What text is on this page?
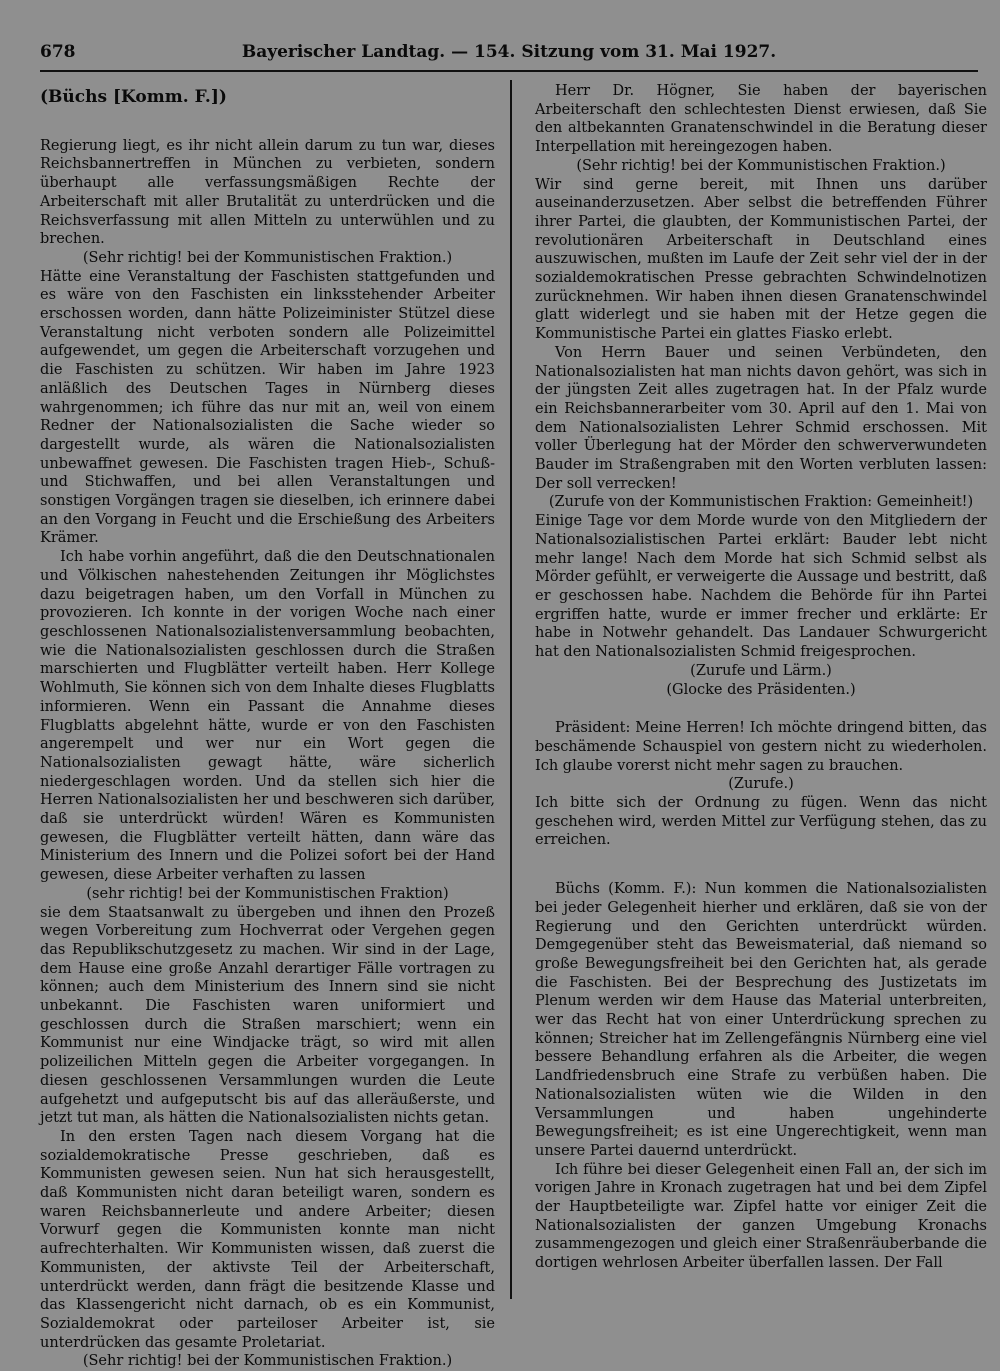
678	Bayerischer Landtag. — 154. Sitzung vom 31. Mai 1927.
(Büchs [Komm. F.])

Regierung liegt, es ihr nicht allein darum zu tun war, dieses Reichsbannertreffen in München zu verbieten, sondern überhaupt alle verfassungsmäßigen Rechte der Arbeiterschaft mit aller Brutalität zu unterdrücken und die Reichsverfassung mit allen Mitteln zu unterwühlen und zu brechen.

(Sehr richtig! bei der Kommunistischen Fraktion.)

Hätte eine Veranstaltung der Faschisten stattgefunden und es wäre von den Faschisten ein linksstehender Arbeiter erschossen worden, dann hätte Polizeiminister Stützel diese Veranstaltung nicht verboten sondern alle Polizeimittel aufgewendet, um gegen die Arbeiterschaft vorzugehen und die Faschisten zu schützen. Wir haben im Jahre 1923 anläßlich des Deutschen Tages in Nürnberg dieses wahrgenommen; ich führe das nur mit an, weil von einem Redner der Nationalsozialisten die Sache wieder so dargestellt wurde, als wären die Nationalsozialisten unbewaffnet gewesen. Die Faschisten tragen Hieb-, Schuß- und Stichwaffen, und bei allen Veranstaltungen und sonstigen Vorgängen tragen sie dieselben, ich erinnere dabei an den Vorgang in Feucht und die Erschießung des Arbeiters Krämer.

Ich habe vorhin angeführt, daß die den Deutschnationalen und Völkischen nahestehenden Zeitungen ihr Möglichstes dazu beigetragen haben, um den Vorfall in München zu provozieren. Ich konnte in der vorigen Woche nach einer geschlossenen Nationalsozialistenversammlung beobachten, wie die Nationalsozialisten geschlossen durch die Straßen marschierten und Flugblätter verteilt haben. Herr Kollege Wohlmuth, Sie können sich von dem Inhalte dieses Flugblatts informieren. Wenn ein Passant die Annahme dieses Flugblatts abgelehnt hätte, wurde er von den Faschisten angerempelt und wer nur ein Wort gegen die Nationalsozialisten gewagt hätte, wäre sicherlich niedergeschlagen worden. Und da stellen sich hier die Herren Nationalsozialisten her und beschweren sich darüber, daß sie unterdrückt würden! Wären es Kommunisten gewesen, die Flugblätter verteilt hätten, dann wäre das Ministerium des Innern und die Polizei sofort bei der Hand gewesen, diese Arbeiter verhaften zu lassen

(sehr richtig! bei der Kommunistischen Fraktion)

sie dem Staatsanwalt zu übergeben und ihnen den Prozeß wegen Vorbereitung zum Hochverrat oder Vergehen gegen das Republikschutzgesetz zu machen. Wir sind in der Lage, dem Hause eine große Anzahl derartiger Fälle vortragen zu können; auch dem Ministerium des Innern sind sie nicht unbekannt. Die Faschisten waren uniformiert und geschlossen durch die Straßen marschiert; wenn ein Kommunist nur eine Windjacke trägt, so wird mit allen polizeilichen Mitteln gegen die Arbeiter vorgegangen. In diesen geschlossenen Versammlungen wurden die Leute aufgehetzt und aufgeputscht bis auf das alleräußerste, und jetzt tut man, als hätten die Nationalsozialisten nichts getan.

In den ersten Tagen nach diesem Vorgang hat die sozialdemokratische Presse geschrieben, daß es Kommunisten gewesen seien. Nun hat sich herausgestellt, daß Kommunisten nicht daran beteiligt waren, sondern es waren Reichsbannerleute und andere Arbeiter; diesen Vorwurf gegen die Kommunisten konnte man nicht aufrechterhalten. Wir Kommunisten wissen, daß zuerst die Kommunisten, der aktivste Teil der Arbeiterschaft, unterdrückt werden, dann frägt die besitzende Klasse und das Klassengericht nicht darnach, ob es ein Kommunist, Sozialdemokrat oder parteiloser Arbeiter ist, sie unterdrücken das gesamte Proletariat.

(Sehr richtig! bei der Kommunistischen Fraktion.)

Herr Dr. Högner, Sie haben der bayerischen Arbeiterschaft den schlechtesten Dienst erwiesen, daß Sie den altbekannten Granatenschwindel in die Beratung dieser Interpellation mit hereingezogen haben.

(Sehr richtig! bei der Kommunistischen Fraktion.)

Wir sind gerne bereit, mit Ihnen uns darüber auseinanderzusetzen. Aber selbst die betreffenden Führer ihrer Partei, die glaubten, der Kommunistischen Partei, der revolutionären Arbeiterschaft in Deutschland eines auszuwischen, mußten im Laufe der Zeit sehr viel der in der sozialdemokratischen Presse gebrachten Schwindelnotizen zurücknehmen. Wir haben ihnen diesen Granatenschwindel glatt widerlegt und sie haben mit der Hetze gegen die Kommunistische Partei ein glattes Fiasko erlebt.

Von Herrn Bauer und seinen Verbündeten, den Nationalsozialisten hat man nichts davon gehört, was sich in der jüngsten Zeit alles zugetragen hat. In der Pfalz wurde ein Reichsbannerarbeiter vom 30. April auf den 1. Mai von dem Nationalsozialisten Lehrer Schmid erschossen. Mit voller Überlegung hat der Mörder den schwerverwundeten Bauder im Straßengraben mit den Worten verbluten lassen: Der soll verrecken!

(Zurufe von der Kommunistischen Fraktion: Gemeinheit!)

Einige Tage vor dem Morde wurde von den Mitgliedern der Nationalsozialistischen Partei erklärt: Bauder lebt nicht mehr lange! Nach dem Morde hat sich Schmid selbst als Mörder gefühlt, er verweigerte die Aussage und bestritt, daß er geschossen habe. Nachdem die Behörde für ihn Partei ergriffen hatte, wurde er immer frecher und erklärte: Er habe in Notwehr gehandelt. Das Landauer Schwurgericht hat den Nationalsozialisten Schmid freigesprochen.

(Zurufe und Lärm.)

(Glocke des Präsidenten.)

Präsident: Meine Herren! Ich möchte dringend bitten, das beschämende Schauspiel von gestern nicht zu wiederholen. Ich glaube vorerst nicht mehr sagen zu brauchen.

(Zurufe.)

Ich bitte sich der Ordnung zu fügen. Wenn das nicht geschehen wird, werden Mittel zur Verfügung stehen, das zu erreichen.

Büchs (Komm. F.): Nun kommen die Nationalsozialisten bei jeder Gelegenheit hierher und erklären, daß sie von der Regierung und den Gerichten unterdrückt würden. Demgegenüber steht das Beweismaterial, daß niemand so große Bewegungsfreiheit bei den Gerichten hat, als gerade die Faschisten. Bei der Besprechung des Justizetats im Plenum werden wir dem Hause das Material unterbreiten, wer das Recht hat von einer Unterdrückung sprechen zu können; Streicher hat im Zellengefängnis Nürnberg eine viel bessere Behandlung erfahren als die Arbeiter, die wegen Landfriedensbruch eine Strafe zu verbüßen haben. Die Nationalsozialisten wüten wie die Wilden in den Versammlungen und haben ungehinderte Bewegungsfreiheit; es ist eine Ungerechtigkeit, wenn man unsere Partei dauernd unterdrückt.

Ich führe bei dieser Gelegenheit einen Fall an, der sich im vorigen Jahre in Kronach zugetragen hat und bei dem Zipfel der Hauptbeteiligte war. Zipfel hatte vor einiger Zeit die Nationalsozialisten der ganzen Umgebung Kronachs zusammengezogen und gleich einer Straßenräuberbande die dortigen wehrlosen Arbeiter überfallen lassen. Der Fall
